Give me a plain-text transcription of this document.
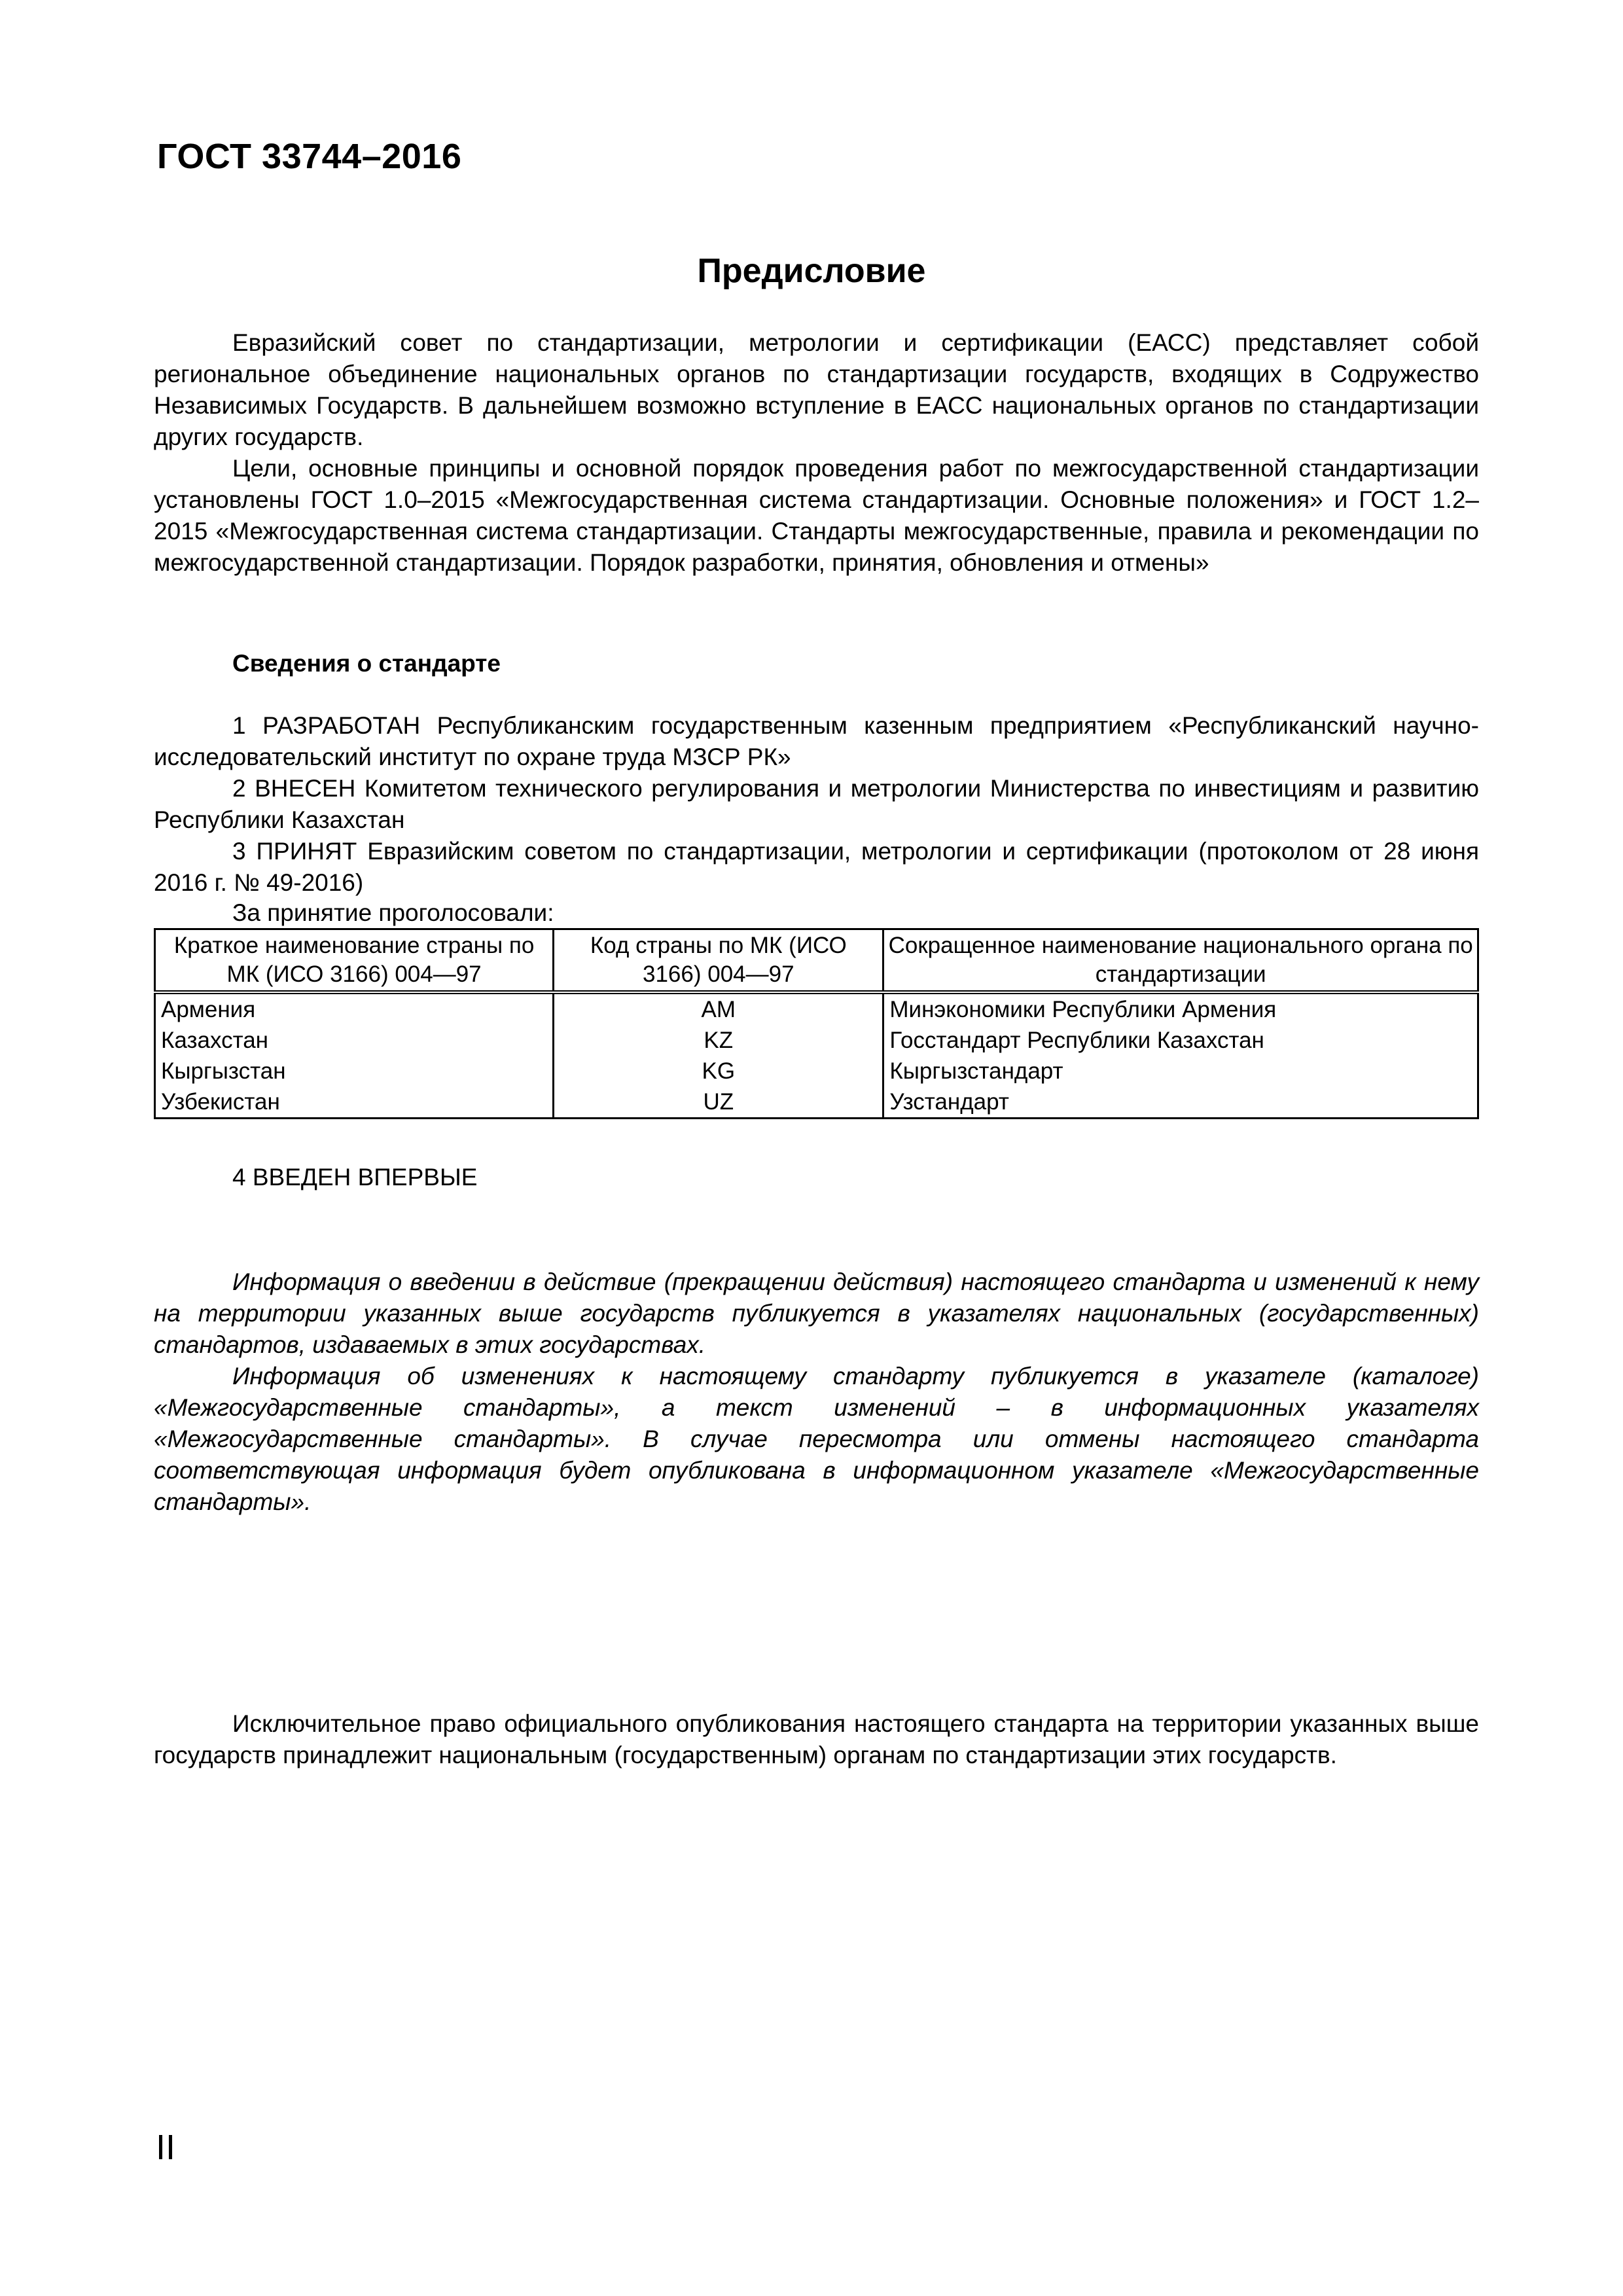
ГОСТ 33744–2016
Предисловие

Евразийский совет по стандартизации, метрологии и сертификации (ЕАСС) представляет собой региональное объединение национальных органов по стандартизации государств, входящих в Содружество Независимых Государств. В дальнейшем возможно вступление в ЕАСС национальных органов по стандартизации других государств.

Цели, основные принципы и основной порядок проведения работ по межгосударственной стандартизации установлены ГОСТ 1.0–2015 «Межгосударственная система стандартизации. Основные положения» и ГОСТ 1.2–2015 «Межгосударственная система стандартизации. Стандарты межгосударственные, правила и рекомендации по межгосударственной стандартизации. Порядок разработки, принятия, обновления и отмены»

Сведения о стандарте

1 РАЗРАБОТАН Республиканским государственным казенным предприятием «Республиканский научно-исследовательский институт по охране труда МЗСР РК»

2 ВНЕСЕН Комитетом технического регулирования и метрологии Министерства по инвестициям и развитию Республики Казахстан

3 ПРИНЯТ Евразийским советом по стандартизации, метрологии и сертификации (протоколом от 28 июня 2016 г. № 49-2016)

За принятие проголосовали:

Краткое наименование страны по МК (ИСО 3166) 004—97	Код страны по МК (ИСО 3166) 004—97	Сокращенное наименование национального органа по стандартизации
Армения	AM	Минэкономики Республики Армения
Казахстан	KZ	Госстандарт Республики Казахстан
Кыргызстан	KG	Кыргызстандарт
Узбекистан	UZ	Узстандарт

4 ВВЕДЕН ВПЕРВЫЕ

Информация о введении в действие (прекращении действия) настоящего стандарта и изменений к нему на территории указанных выше государств публикуется в указателях национальных (государственных) стандартов, издаваемых в этих государствах.

Информация об изменениях к настоящему стандарту публикуется в указателе (каталоге) «Межгосударственные стандарты», а текст изменений – в информационных указателях «Межгосударственные стандарты». В случае пересмотра или отмены настоящего стандарта соответствующая информация будет опубликована в информационном указателе «Межгосударственные стандарты».

Исключительное право официального опубликования настоящего стандарта на территории указанных выше государств принадлежит национальным (государственным) органам по стандартизации этих государств.

II
